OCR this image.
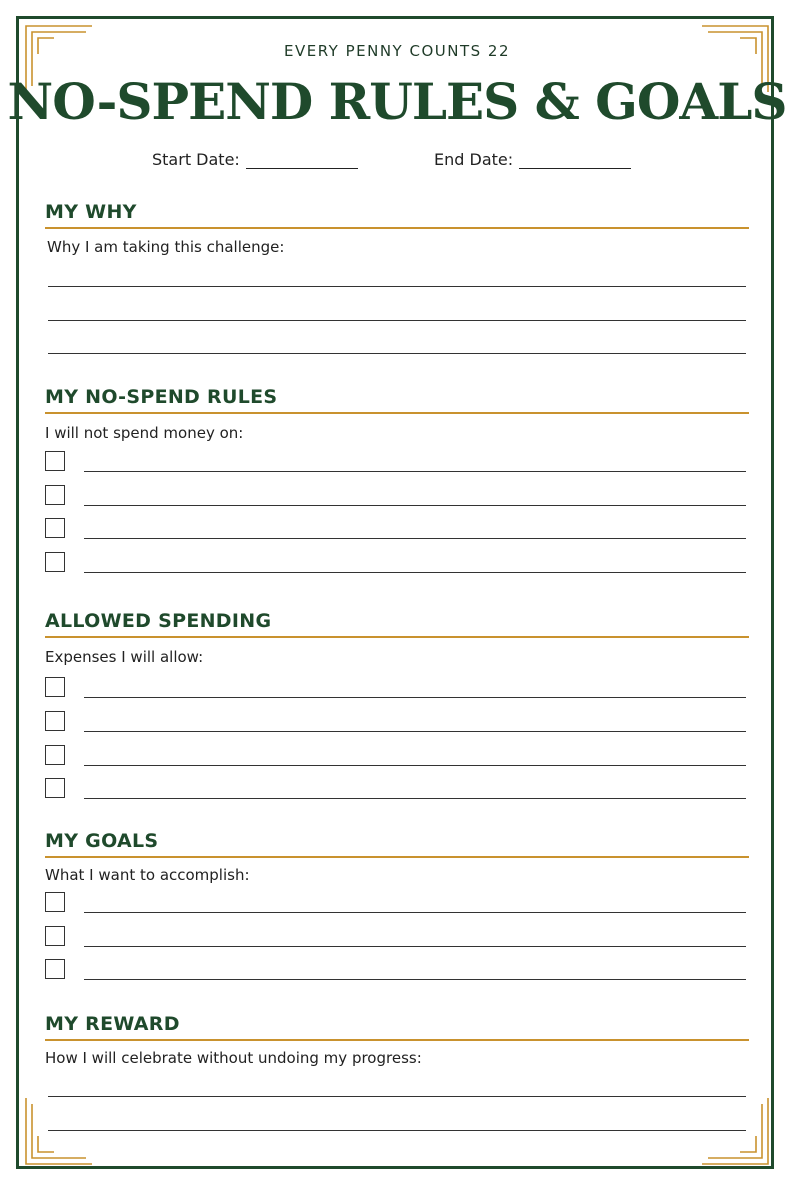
EVERY PENNY COUNTS 22
NO-SPEND RULES & GOALS
Start Date:	End Date:
MY WHY
Why I am taking this challenge:
MY NO-SPEND RULES
I will not spend money on:
ALLOWED SPENDING
Expenses I will allow:
MY GOALS
What I want to accomplish:
MY REWARD
How I will celebrate without undoing my progress:
